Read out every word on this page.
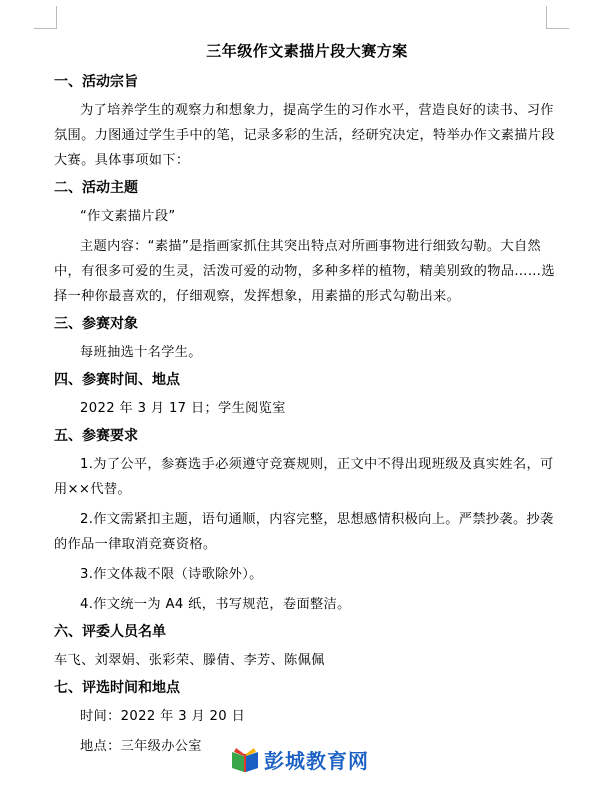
三年级作文素描片段大赛方案
一、活动宗旨
为了培养学生的观察力和想象力，提高学生的习作水平，营造良好的读书、习作氛围。力图通过学生手中的笔，记录多彩的生活，经研究决定，特举办作文素描片段大赛。具体事项如下：
二、活动主题
“作文素描片段”
主题内容：“素描”是指画家抓住其突出特点对所画事物进行细致勾勒。大自然中，有很多可爱的生灵，活泼可爱的动物，多种多样的植物，精美别致的物品……选择一种你最喜欢的，仔细观察，发挥想象，用素描的形式勾勒出来。
三、参赛对象
每班抽选十名学生。
四、参赛时间、地点
2022 年 3 月 17 日；学生阅览室
五、参赛要求
1.为了公平，参赛选手必须遵守竞赛规则，正文中不得出现班级及真实姓名，可用××代替。
2.作文需紧扣主题，语句通顺，内容完整，思想感情积极向上。严禁抄袭。抄袭的作品一律取消竞赛资格。
3.作文体裁不限（诗歌除外）。
4.作文统一为 A4 纸，书写规范，卷面整洁。
六、评委人员名单
车飞、刘翠娟、张彩荣、滕倩、李芳、陈佩佩
七、评选时间和地点
时间：2022 年 3 月 20 日
地点：三年级办公室
彭城教育网
